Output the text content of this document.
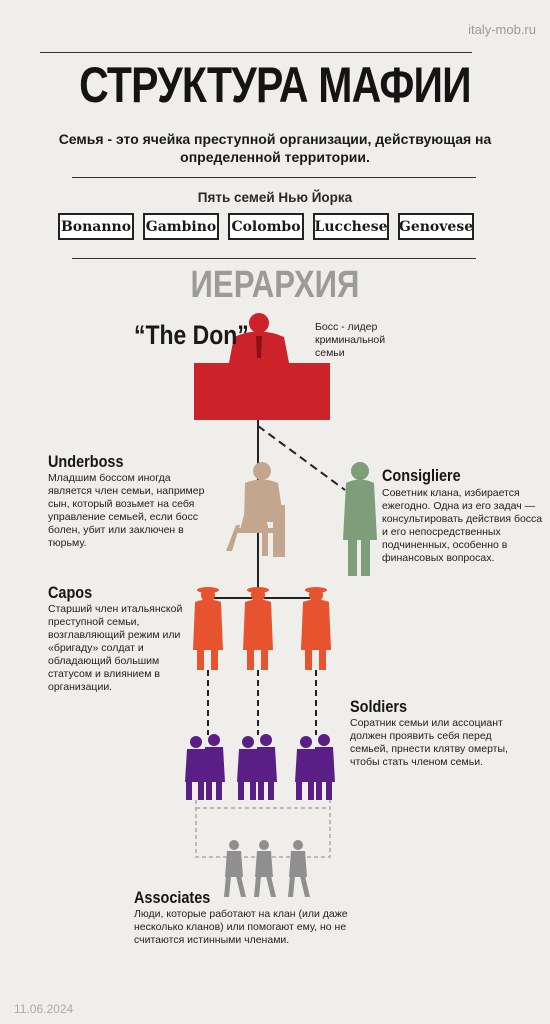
italy-mob.ru
СТРУКТУРА МАФИИ
Семья - это ячейка преступной организации, действующая на определенной территории.
Пять семей Нью Йорка
Bonanno Gambino Colombo Lucchese Genovese
ИЕРАРХИЯ
“The Don”	Босс - лидер криминальной семьи
Underboss
Младшим боссом иногда является член семьи, например сын, который возьмет на себя управление семьей, если босс болен, убит или заключен в тюрьму.
Consigliere
Советник клана, избирается ежегодно. Одна из его задач — консультировать действия босса и его непосредственных подчиненных, особенно в финансовых вопросах.
Capos
Старший член итальянской преступной семьи, возглавляющий режим или «бригаду» солдат и обладающий большим статусом и влиянием в организации.
Soldiers
Соратник семьи или ассоциант должен проявить себя перед семьей, прнести клятву омерты, чтобы стать членом семьи.
Associates
Люди, которые работают на клан (или даже несколько кланов) или помогают ему, но не считаются истинными членами.
11.06.2024
